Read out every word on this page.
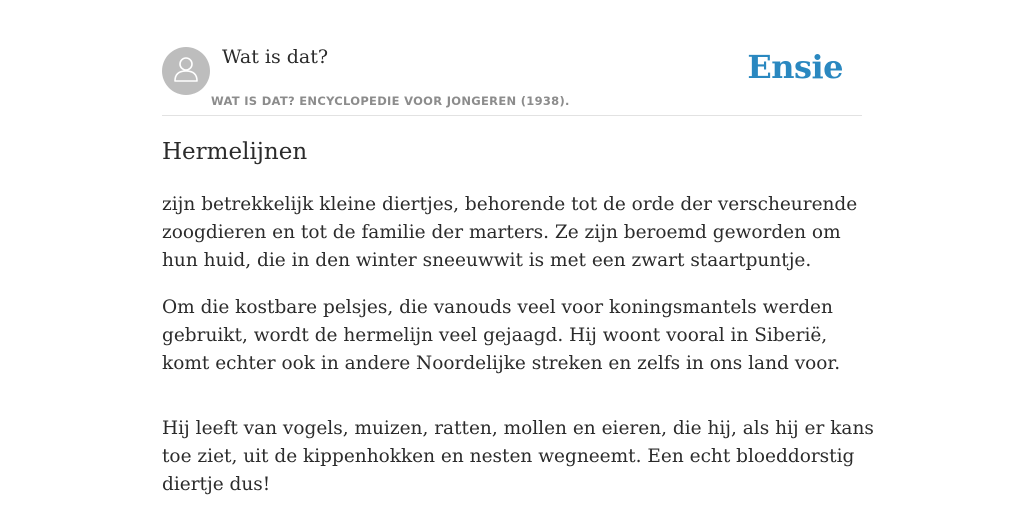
Wat is dat?
WAT IS DAT? ENCYCLOPEDIE VOOR JONGEREN (1938).
Ensie
Hermelijnen

zijn betrekkelijk kleine diertjes, behorende tot de orde der verscheurende zoogdieren en tot de familie der marters. Ze zijn beroemd geworden om hun huid, die in den winter sneeuwwit is met een zwart staartpuntje.

Om die kostbare pelsjes, die vanouds veel voor koningsmantels werden gebruikt, wordt de hermelijn veel gejaagd. Hij woont vooral in Siberië, komt echter ook in andere Noordelijke streken en zelfs in ons land voor.

Hij leeft van vogels, muizen, ratten, mollen en eieren, die hij, als hij er kans toe ziet, uit de kippenhokken en nesten wegneemt. Een echt bloeddorstig diertje dus!
